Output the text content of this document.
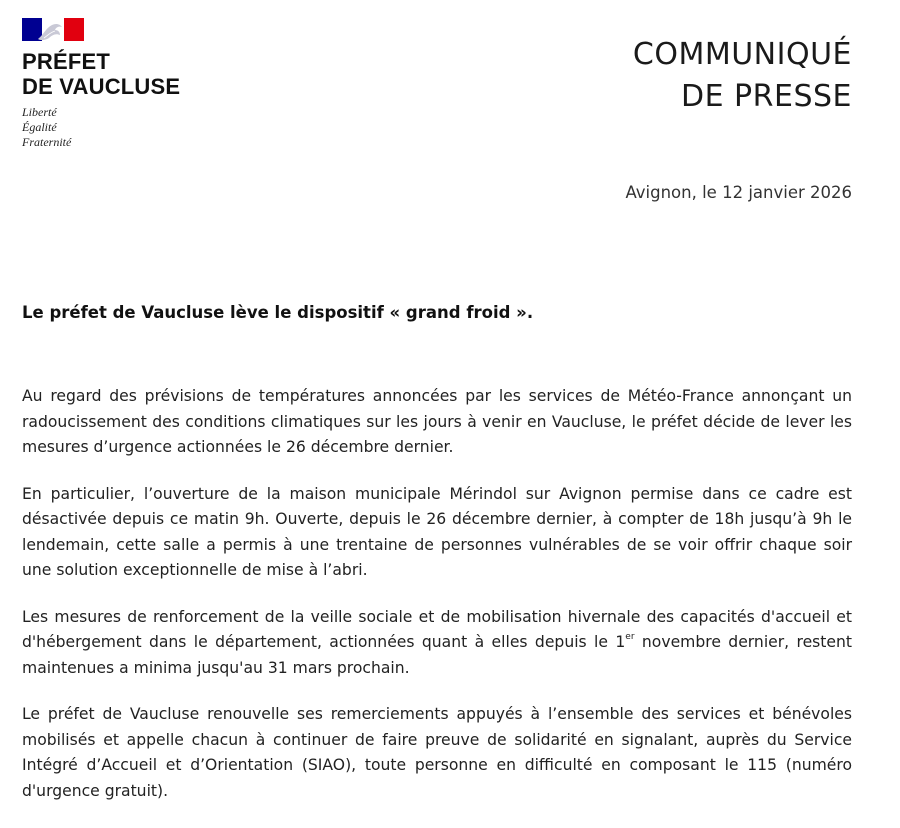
PRÉFET
DE VAUCLUSE
Liberté
Égalité
Fraternité
COMMUNIQUÉ
DE PRESSE
Avignon, le 12 janvier 2026
Le préfet de Vaucluse lève le dispositif « grand froid ».

Au regard des prévisions de températures annoncées par les services de Météo-France annonçant un radoucissement des conditions climatiques sur les jours à venir en Vaucluse, le préfet décide de lever les mesures d’urgence actionnées le 26 décembre dernier.

En particulier, l’ouverture de la maison municipale Mérindol sur Avignon permise dans ce cadre est désactivée depuis ce matin 9h. Ouverte, depuis le 26 décembre dernier, à compter de 18h jusqu’à 9h le lendemain, cette salle a permis à une trentaine de personnes vulnérables de se voir offrir chaque soir une solution exceptionnelle de mise à l’abri.

Les mesures de renforcement de la veille sociale et de mobilisation hivernale des capacités d'accueil et d'hébergement dans le département, actionnées quant à elles depuis le 1er novembre dernier, restent maintenues a minima jusqu'au 31 mars prochain.

Le préfet de Vaucluse renouvelle ses remerciements appuyés à l’ensemble des services et bénévoles mobilisés et appelle chacun à continuer de faire preuve de solidarité en signalant, auprès du Service Intégré d’Accueil et d’Orientation (SIAO), toute personne en difficulté en composant le 115 (numéro d'urgence gratuit).
